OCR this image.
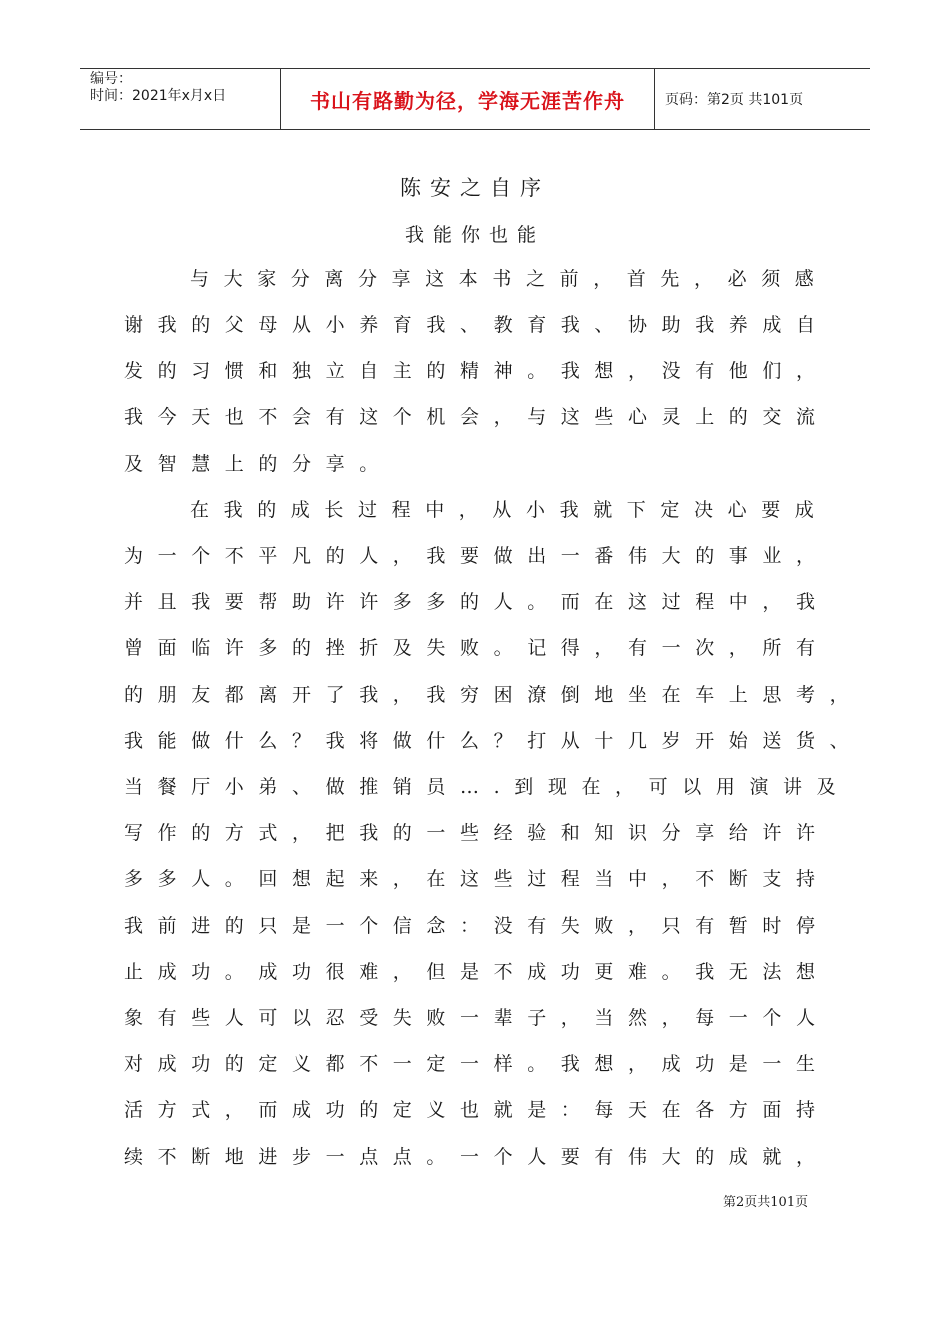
编号：
时间：2021年x月x日	书山有路勤为径，学海无涯苦作舟	页码：第2页 共101页
陈安之自序
我能你也能
与大家分离分享这本书之前，首先，必须感
谢我的父母从小养育我、教育我、协助我养成自
发的习惯和独立自主的精神。我想，没有他们，
我今天也不会有这个机会，与这些心灵上的交流
及智慧上的分享。
在我的成长过程中，从小我就下定决心要成
为一个不平凡的人，我要做出一番伟大的事业，
并且我要帮助许许多多的人。而在这过程中，我
曾面临许多的挫折及失败。记得，有一次，所有
的朋友都离开了我，我穷困潦倒地坐在车上思考，
我能做什么？我将做什么？打从十几岁开始送货、
当餐厅小弟、做推销员….到现在，可以用演讲及
写作的方式，把我的一些经验和知识分享给许许
多多人。回想起来，在这些过程当中，不断支持
我前进的只是一个信念：没有失败，只有暂时停
止成功。成功很难，但是不成功更难。我无法想
象有些人可以忍受失败一辈子，当然，每一个人
对成功的定义都不一定一样。我想，成功是一生
活方式，而成功的定义也就是：每天在各方面持
续不断地进步一点点。一个人要有伟大的成就，
第2页共101页
